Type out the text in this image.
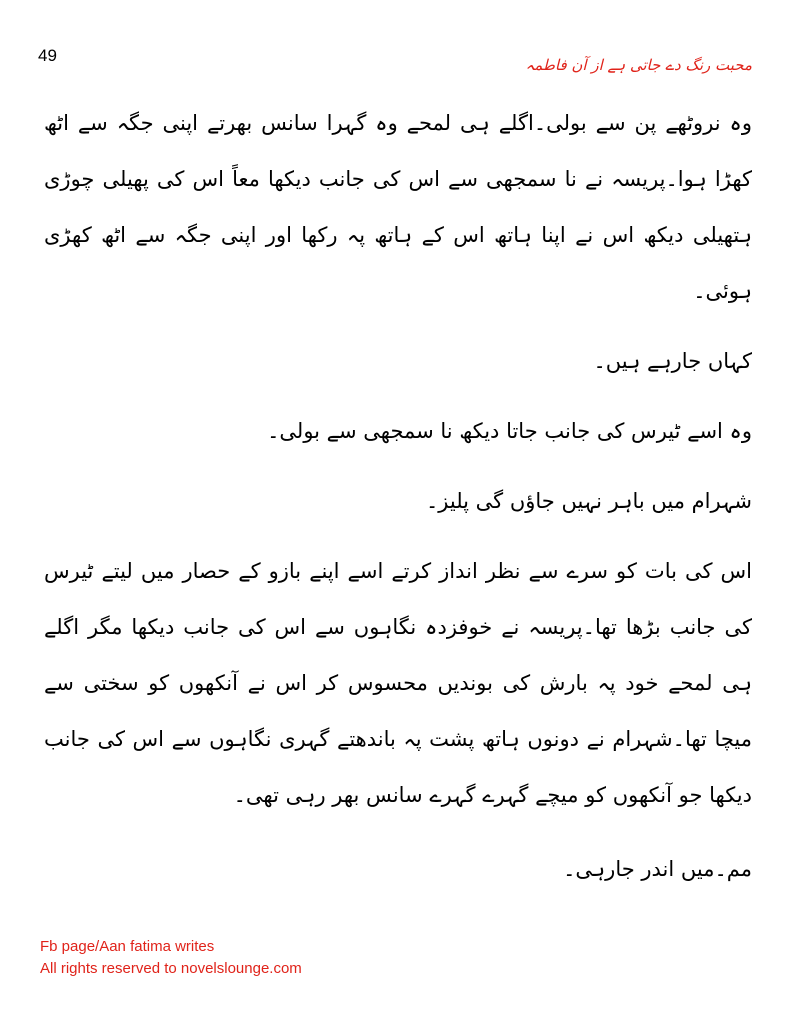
49	محبت رنگ دے جاتی ہے از آن فاطمہ

وہ نروٹھے پن سے بولی۔اگلے ہی لمحے وہ گہرا سانس بھرتے اپنی جگہ سے اٹھ کھڑا ہوا۔پریسہ نے نا سمجھی سے اس کی جانب دیکھا معاً اس کی پھیلی چوڑی ہتھیلی دیکھ اس نے اپنا ہاتھ اس کے ہاتھ پہ رکھا اور اپنی جگہ سے اٹھ کھڑی ہوئی۔

کہاں جارہے ہیں۔

وہ اسے ٹیرس کی جانب جاتا دیکھ نا سمجھی سے بولی۔

شہرام میں باہر نہیں جاؤں گی پلیز۔

اس کی بات کو سرے سے نظر انداز کرتے اسے اپنے بازو کے حصار میں لیتے ٹیرس کی جانب بڑھا تھا۔پریسہ نے خوفزدہ نگاہوں سے اس کی جانب دیکھا مگر اگلے ہی لمحے خود پہ بارش کی بوندیں محسوس کر اس نے آنکھوں کو سختی سے میچا تھا۔شہرام نے دونوں ہاتھ پشت پہ باندھتے گہری نگاہوں سے اس کی جانب دیکھا جو آنکھوں کو میچے گہرے گہرے سانس بھر رہی تھی۔

مم۔میں اندر جارہی۔

Fb page/Aan fatima writes
All rights reserved to novelslounge.com
